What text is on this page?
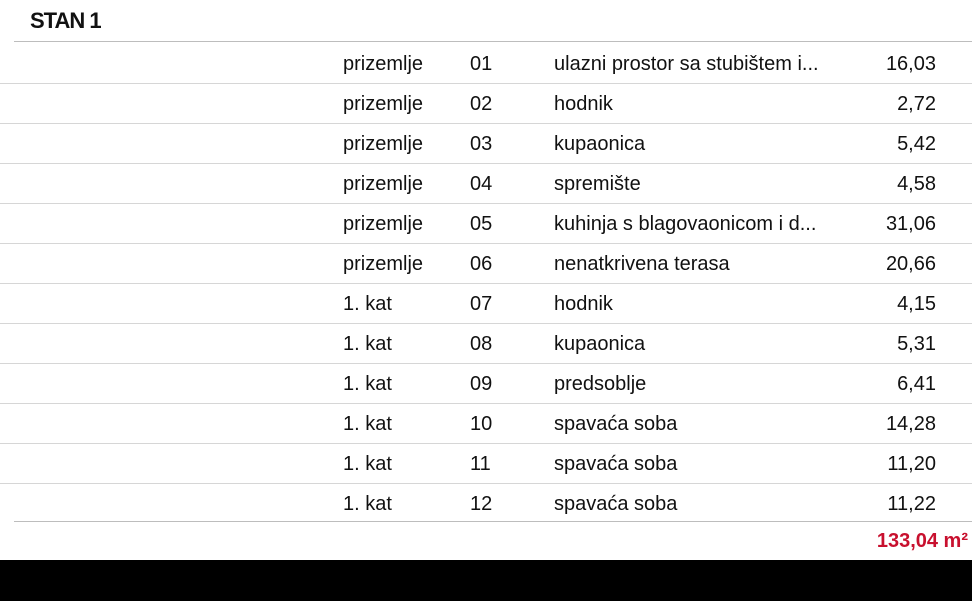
STAN 1
prizemlje 01	ulazni prostor sa stubištem i...	16,03
prizemlje 02	hodnik	2,72
prizemlje 03	kupaonica	5,42
prizemlje 04	spremište	4,58
prizemlje 05	kuhinja s blagovaonicom i d...	31,06
prizemlje 06	nenatkrivena terasa	20,66
1. kat	07	hodnik	4,15
1. kat	08	kupaonica	5,31
1. kat	09	predsoblje	6,41
1. kat	10	spavaća soba	14,28
1. kat	11	spavaća soba	11,20
1. kat	12	spavaća soba	11,22
133,04 m²
